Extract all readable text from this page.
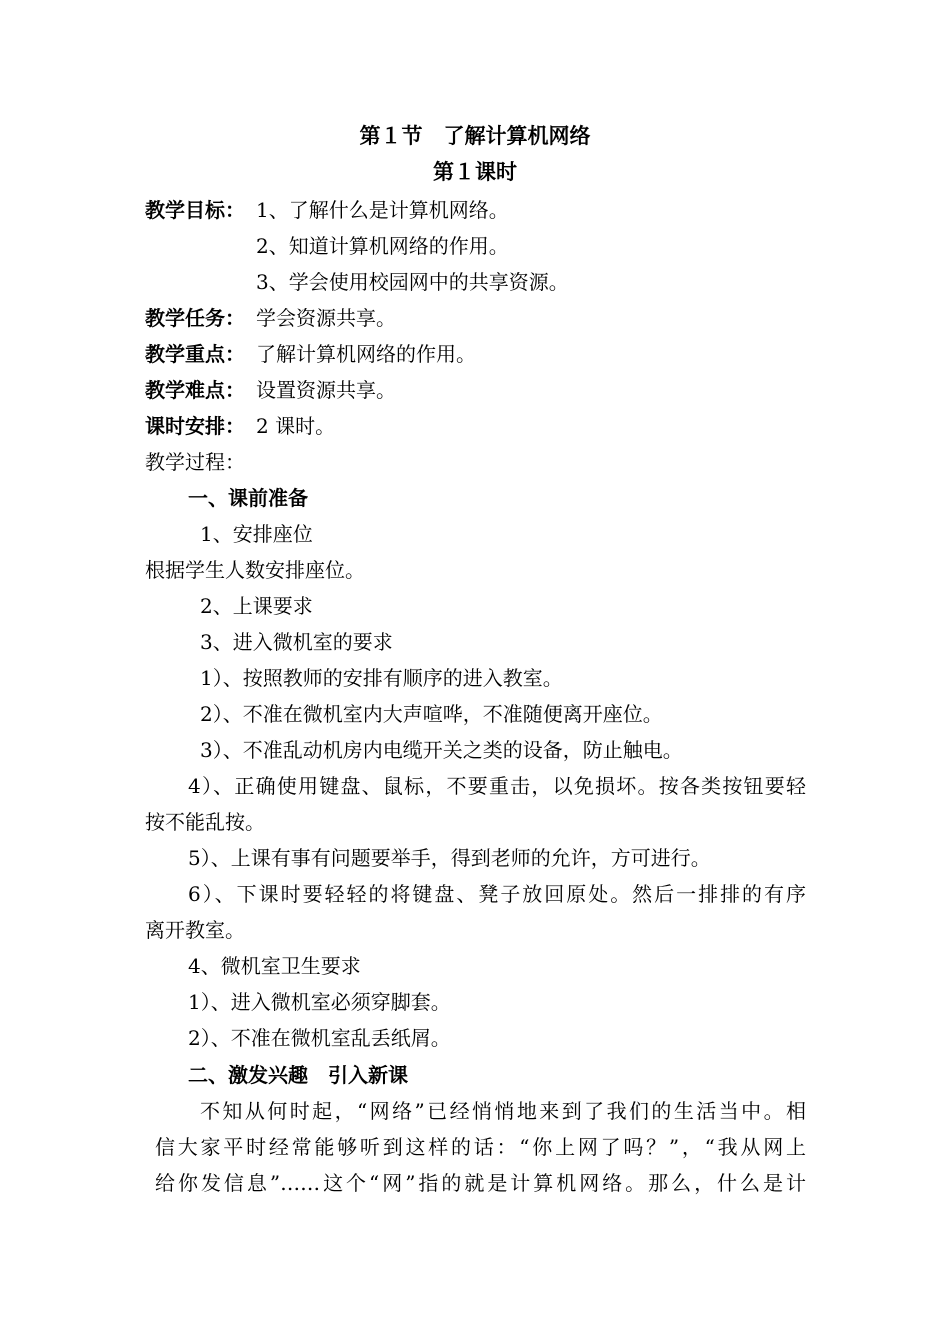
第１节　了解计算机网络
第１课时
教学目标： 1、了解什么是计算机网络。
2、知道计算机网络的作用。
3、学会使用校园网中的共享资源。
教学任务： 学会资源共享。
教学重点： 了解计算机网络的作用。
教学难点： 设置资源共享。
课时安排： 2 课时。
教学过程：
一、课前准备
1、安排座位
根据学生人数安排座位。
2、上课要求
3、进入微机室的要求
1）、按照教师的安排有顺序的进入教室。
2）、不准在微机室内大声喧哗，不准随便离开座位。
3）、不准乱动机房内电缆开关之类的设备，防止触电。
4）、正确使用键盘、鼠标，不要重击，以免损坏。按各类按钮要轻
按不能乱按。
5）、上课有事有问题要举手，得到老师的允许，方可进行。
6）、下课时要轻轻的将键盘、凳子放回原处。然后一排排的有序
离开教室。
4、微机室卫生要求
1）、进入微机室必须穿脚套。
2）、不准在微机室乱丢纸屑。
二、激发兴趣　引入新课
不知从何时起，“网络”已经悄悄地来到了我们的生活当中。相
信大家平时经常能够听到这样的话：“你上网了吗？”，“我从网上
给你发信息”……这个“网”指的就是计算机网络。那么，什么是计
